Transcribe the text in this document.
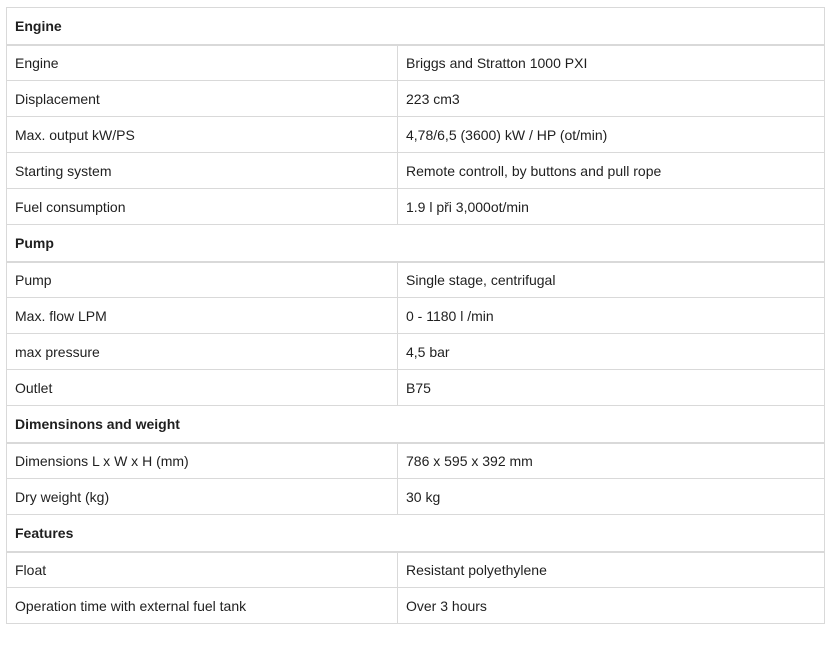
Engine	
Engine	Briggs and Stratton 1000 PXI
Displacement	223 cm3
Max. output kW/PS	4,78/6,5 (3600) kW / HP (ot/min)
Starting system	Remote controll, by buttons and pull rope
Fuel consumption	1.9 l při 3,000ot/min
Pump	
Pump	Single stage, centrifugal
Max. flow LPM	0 - 1180 l /min
max pressure	4,5 bar
Outlet	B75
Dimensinons and weight	
Dimensions L x W x H (mm)	786 x 595 x 392 mm
Dry weight (kg)	30 kg
Features	
Float	Resistant polyethylene
Operation time with external fuel tank	Over 3 hours
